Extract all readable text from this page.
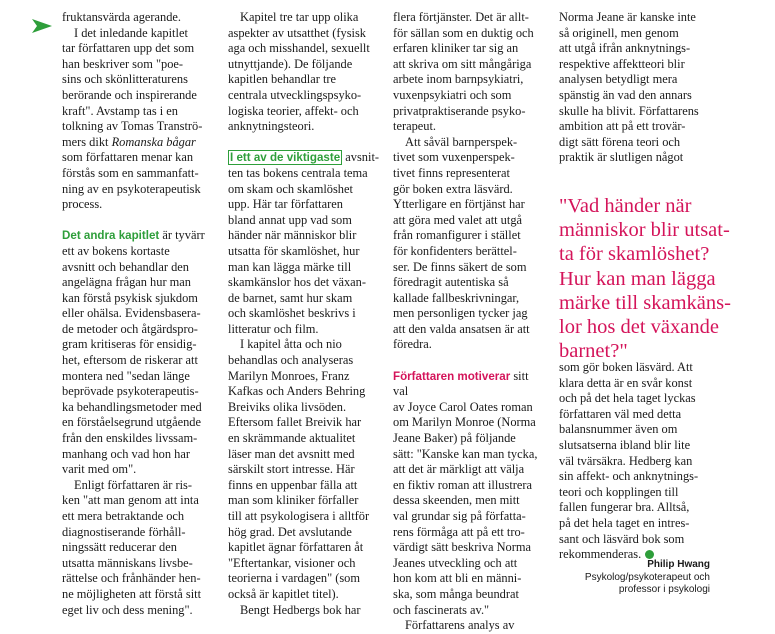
fruktansvärda agerande.

I det inledande kapitlet
tar författaren upp det som
han beskriver som "poe-
sins och skönlitteraturens
berörande och inspirerande
kraft". Avstamp tas i en
tolkning av Tomas Tranströ-
mers dikt Romanska bågar
som författaren menar kan
förstås som en sammanfatt-
ning av en psykoterapeutisk
process.

Det andra kapitlet är tyvärr
ett av bokens kortaste
avsnitt och behandlar den
angelägna frågan hur man
kan förstå psykisk sjukdom
eller ohälsa. Evidensbasera-
de metoder och åtgärdspro-
gram kritiseras för ensidig-
het, eftersom de riskerar att
montera ned "sedan länge
beprövade psykoterapeutis-
ka behandlingsmetoder med
en förståelsegrund utgående
från den enskildes livssam-
manhang och vad hon har
varit med om".

Enligt författaren är ris-
ken "att man genom att inta
ett mera betraktande och
diagnostiserande förhåll-
ningssätt reducerar den
utsatta människans livsbe-
rättelse och frånhänder hen-
ne möjligheten att förstå sitt
eget liv och dess mening".

Kapitel tre tar upp olika
aspekter av utsatthet (fysisk
aga och misshandel, sexuellt
utnyttjande). De följande
kapitlen behandlar tre
centrala utvecklingspsyko-
logiska teorier, affekt- och
anknytningsteori.

I ett av de viktigaste avsnit-
ten tas bokens centrala tema
om skam och skamlöshet
upp. Här tar författaren
bland annat upp vad som
händer när människor blir
utsatta för skamlöshet, hur
man kan lägga märke till
skamkänslor hos det växan-
de barnet, samt hur skam
och skamlöshet beskrivs i
litteratur och film.

I kapitel åtta och nio
behandlas och analyseras
Marilyn Monroes, Franz
Kafkas och Anders Behring
Breiviks olika livsöden.
Eftersom fallet Breivik har
en skrämmande aktualitet
läser man det avsnitt med
särskilt stort intresse. Här
finns en uppenbar fälla att
man som kliniker förfaller
till att psykologisera i alltför
hög grad. Det avslutande
kapitlet ägnar författaren åt
"Eftertankar, visioner och
teorierna i vardagen" (som
också är kapitlet titel).

Bengt Hedbergs bok har

flera förtjänster. Det är allt-
för sällan som en duktig och
erfaren kliniker tar sig an
att skriva om sitt mångåriga
arbete inom barnpsykiatri,
vuxenpsykiatri och som
privatpraktiserande psyko-
terapeut.

Att såväl barnperspek-
tivet som vuxenperspek-
tivet finns representerat
gör boken extra läsvärd.
Ytterligare en förtjänst har
att göra med valet att utgå
från romanfigurer i stället
för konfidenters berättel-
ser. De finns säkert de som
föredragit autentiska så
kallade fallbeskrivningar,
men personligen tycker jag
att den valda ansatsen är att
föredra.

Författaren motiverar sitt val
av Joyce Carol Oates roman
om Marilyn Monroe (Norma
Jeane Baker) på följande
sätt: "Kanske kan man tycka,
att det är märkligt att välja
en fiktiv roman att illustrera
dessa skeenden, men mitt
val grundar sig på författa-
rens förmåga att på ett tro-
värdigt sätt beskriva Norma
Jeanes utveckling och att
hon kom att bli en männi-
ska, som många beundrat
och fascinerats av."

Författarens analys av

Norma Jeane är kanske inte
så originell, men genom
att utgå ifrån anknytnings-
respektive affektteori blir
analysen betydligt mera
spänstig än vad den annars
skulle ha blivit. Författarens
ambition att på ett trovär-
digt sätt förena teori och
praktik är slutligen något

"Vad händer när
människor blir utsat-
ta för skamlöshet?
Hur kan man lägga
märke till skamkäns-
lor hos det växande
barnet?"

som gör boken läsvärd. Att
klara detta är en svår konst
och på det hela taget lyckas
författaren väl med detta
balansnummer även om
slutsatserna ibland blir lite
väl tvärsäkra. Hedberg kan
sin affekt- och anknytnings-
teori och kopplingen till
fallen fungerar bra. Alltså,
på det hela taget en intres-
sant och läsvärd bok som
rekommenderas.

Philip Hwang
Psykolog/psykoterapeut och
professor i psykologi
